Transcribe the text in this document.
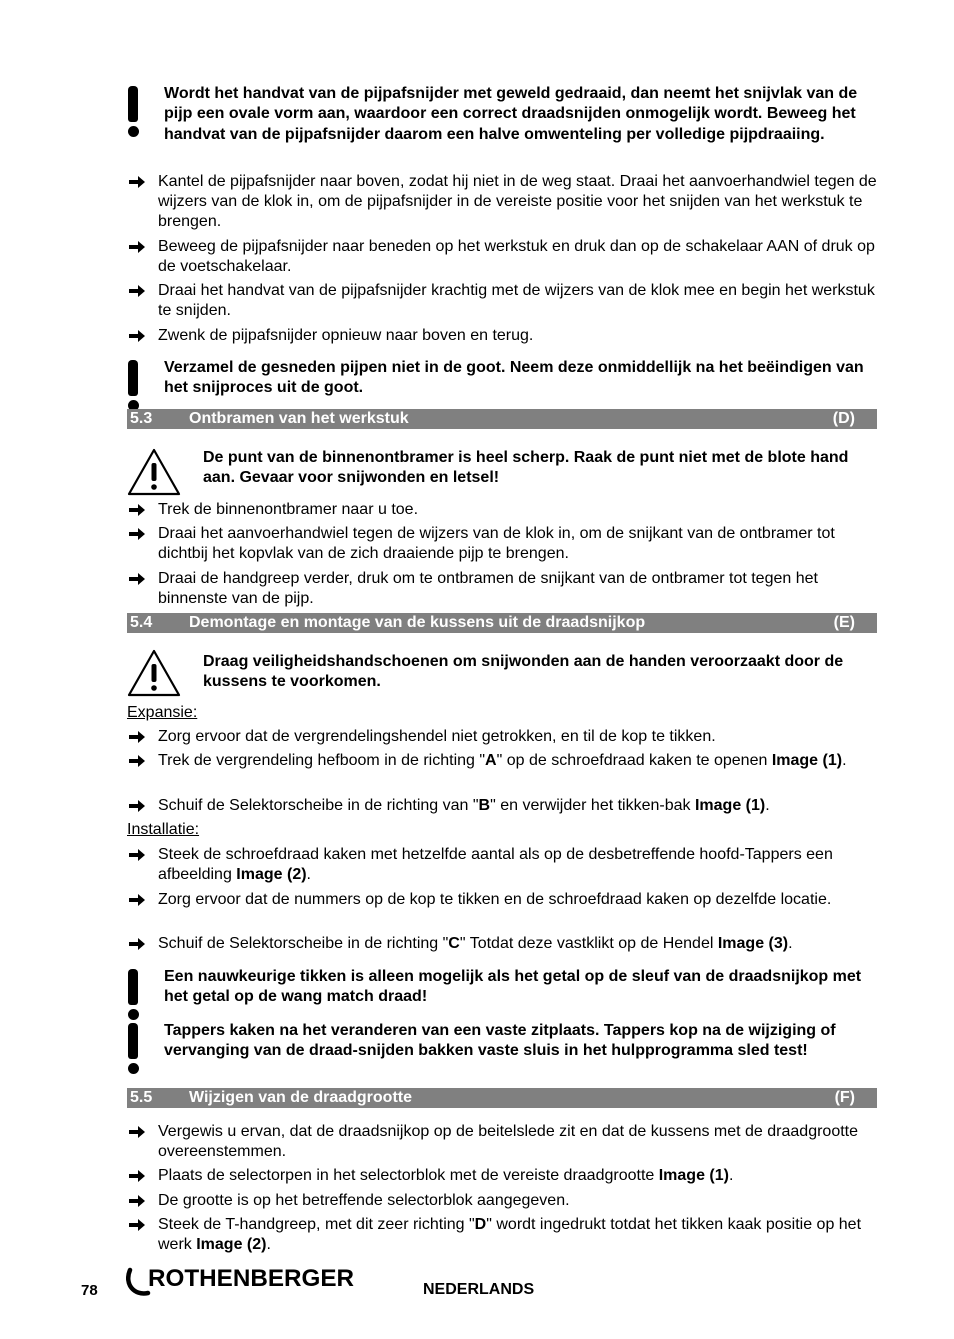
Wordt het handvat van de pijpafsnijder met geweld gedraaid, dan neemt het snijvlak van de pijp een ovale vorm aan, waardoor een correct draadsnijden onmogelijk wordt. Beweeg het handvat van de pijpafsnijder daarom een halve omwenteling per volledige pijpdraaiing.
Kantel de pijpafsnijder naar boven, zodat hij niet in de weg staat. Draai het aanvoerhandwiel tegen de wijzers van de klok in, om de pijpafsnijder in de vereiste positie voor het snijden van het werkstuk te brengen.
Beweeg de pijpafsnijder naar beneden op het werkstuk en druk dan op de schakelaar AAN of druk op de voetschakelaar.
Draai het handvat van de pijpafsnijder krachtig met de wijzers van de klok mee en begin het werkstuk te snijden.
Zwenk de pijpafsnijder opnieuw naar boven en terug.
Verzamel de gesneden pijpen niet in de goot. Neem deze onmiddellijk na het beëindigen van het snijproces uit de goot.
5.3 Ontbramen van het werkstuk	(D)
De punt van de binnenontbramer is heel scherp. Raak de punt niet met de blote hand aan. Gevaar voor snijwonden en letsel!
Trek de binnenontbramer naar u toe.
Draai het aanvoerhandwiel tegen de wijzers van de klok in, om de snijkant van de ontbramer tot dichtbij het kopvlak van de zich draaiende pijp te brengen.
Draai de handgreep verder, druk om te ontbramen de snijkant van de ontbramer tot tegen het binnenste van de pijp.
5.4 Demontage en montage van de kussens uit de draadsnijkop	(E)
Draag veiligheidshandschoenen om snijwonden aan de handen veroorzaakt door de kussens te voorkomen.
Expansie:
Zorg ervoor dat de vergrendelingshendel niet getrokken, en til de kop te tikken.
Trek de vergrendeling hefboom in de richting "A" op de schroefdraad kaken te openen Image (1).
Schuif de Selektorscheibe in de richting van "B" en verwijder het tikken-bak Image (1).
Installatie:
Steek de schroefdraad kaken met hetzelfde aantal als op de desbetreffende hoofd-Tappers een afbeelding Image (2).
Zorg ervoor dat de nummers op de kop te tikken en de schroefdraad kaken op dezelfde locatie.
Schuif de Selektorscheibe in de richting "C" Totdat deze vastklikt op de Hendel Image (3).
Een nauwkeurige tikken is alleen mogelijk als het getal op de sleuf van de draadsnijkop met het getal op de wang match draad!
Tappers kaken na het veranderen van een vaste zitplaats. Tappers kop na de wijziging of vervanging van de draad-snijden bakken vaste sluis in het hulpprogramma sled test!
5.5 Wijzigen van de draadgrootte	(F)
Vergewis u ervan, dat de draadsnijkop op de beitelslede zit en dat de kussens met de draadgrootte overeenstemmen.
Plaats de selectorpen in het selectorblok met de vereiste draadgrootte Image (1).
De grootte is op het betreffende selectorblok aangegeven.
Steek de T-handgreep, met dit zeer richting "D" wordt ingedrukt totdat het tikken kaak positie op het werk Image (2).
78 ROTHENBERGER	NEDERLANDS
